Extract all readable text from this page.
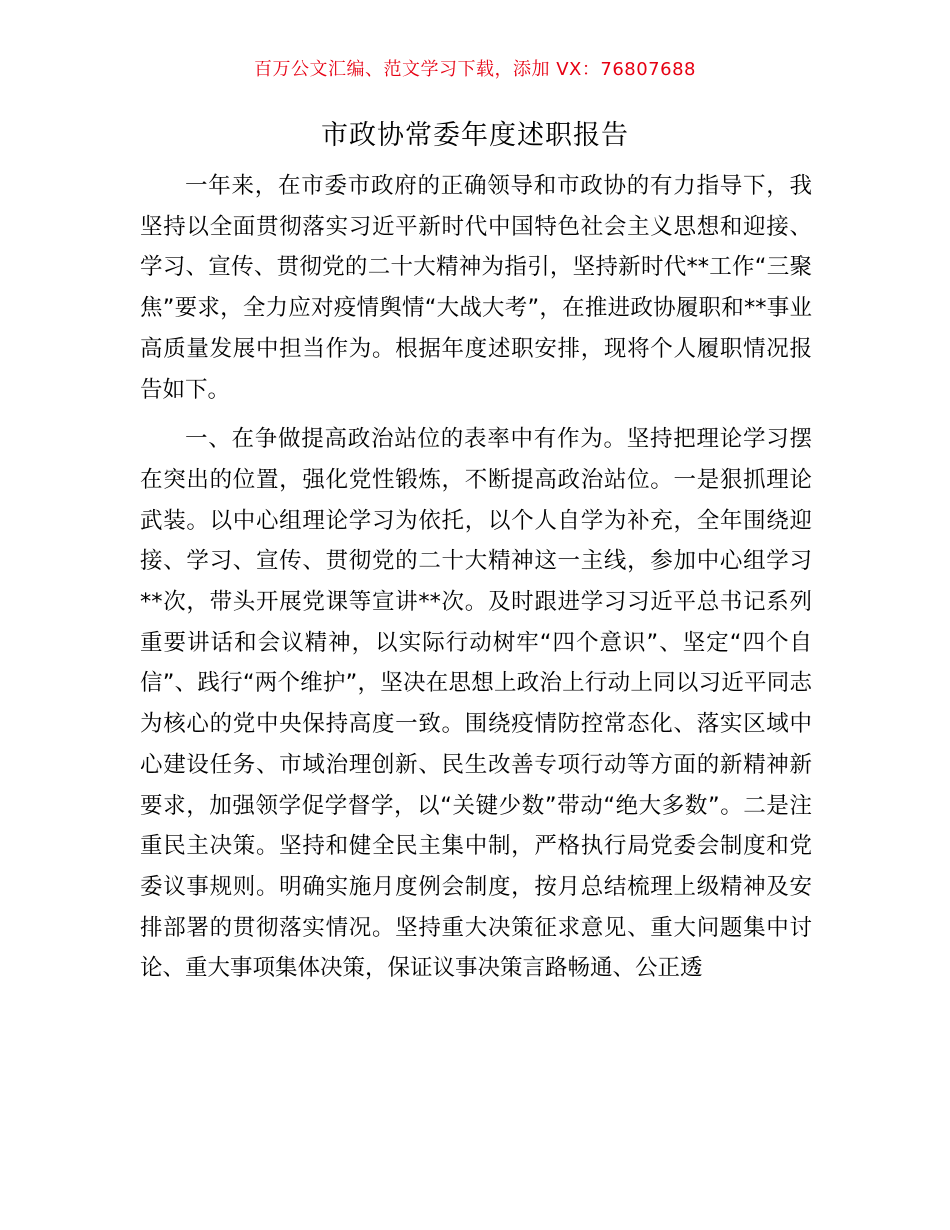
百万公文汇编、范文学习下载，添加 VX：76807688
市政协常委年度述职报告

一年来，在市委市政府的正确领导和市政协的有力指导下，我坚持以全面贯彻落实习近平新时代中国特色社会主义思想和迎接、学习、宣传、贯彻党的二十大精神为指引，坚持新时代**工作“三聚焦”要求，全力应对疫情舆情“大战大考”，在推进政协履职和**事业高质量发展中担当作为。根据年度述职安排，现将个人履职情况报告如下。

一、在争做提高政治站位的表率中有作为。坚持把理论学习摆在突出的位置，强化党性锻炼，不断提高政治站位。一是狠抓理论武装。以中心组理论学习为依托，以个人自学为补充，全年围绕迎接、学习、宣传、贯彻党的二十大精神这一主线，参加中心组学习**次，带头开展党课等宣讲**次。及时跟进学习习近平总书记系列重要讲话和会议精神，以实际行动树牢“四个意识”、坚定“四个自信”、践行“两个维护”，坚决在思想上政治上行动上同以习近平同志为核心的党中央保持高度一致。围绕疫情防控常态化、落实区域中心建设任务、市域治理创新、民生改善专项行动等方面的新精神新要求，加强领学促学督学，以“关键少数”带动“绝大多数”。二是注重民主决策。坚持和健全民主集中制，严格执行局党委会制度和党委议事规则。明确实施月度例会制度，按月总结梳理上级精神及安排部署的贯彻落实情况。坚持重大决策征求意见、重大问题集中讨论、重大事项集体决策，保证议事决策言路畅通、公正透
